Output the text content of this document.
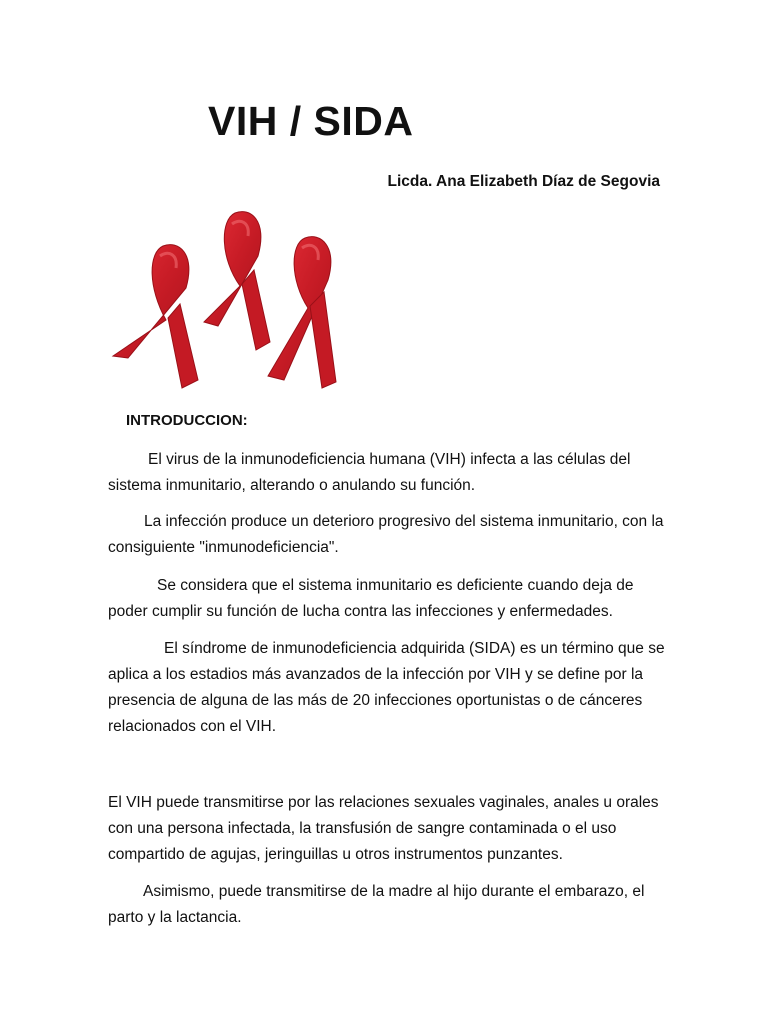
VIH / SIDA

Licda. Ana Elizabeth Díaz de Segovia

INTRODUCCION:

El virus de la inmunodeficiencia humana (VIH) infecta a las células del sistema inmunitario, alterando o anulando su función.

La infección produce un deterioro progresivo del sistema inmunitario, con la consiguiente "inmunodeficiencia".

Se considera que el sistema inmunitario es deficiente cuando deja de poder cumplir su función de lucha contra las infecciones y enfermedades.

El síndrome de inmunodeficiencia adquirida (SIDA) es un término que se aplica a los estadios más avanzados de la infección por VIH y se define por la presencia de alguna de las más de 20 infecciones oportunistas o de cánceres relacionados con el VIH.

El VIH puede transmitirse por las relaciones sexuales vaginales, anales u orales con una persona infectada, la transfusión de sangre contaminada o el uso compartido de agujas, jeringuillas u otros instrumentos punzantes.

Asimismo, puede transmitirse de la madre al hijo durante el embarazo, el parto y la lactancia.
